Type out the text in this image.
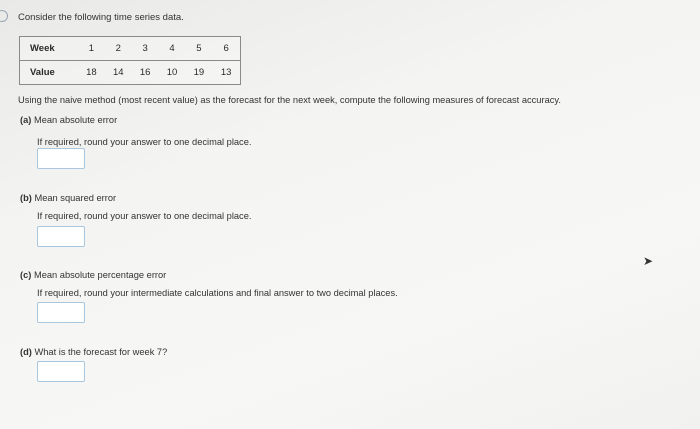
Consider the following time series data.
Week	1	2	3	4	5	6
Value	18	14	16	10	19	13
Using the naive method (most recent value) as the forecast for the next week, compute the following measures of forecast accuracy.
(a) Mean absolute error
If required, round your answer to one decimal place.
(b) Mean squared error
If required, round your answer to one decimal place.
(c) Mean absolute percentage error
If required, round your intermediate calculations and final answer to two decimal places.
(d) What is the forecast for week 7?
➤
